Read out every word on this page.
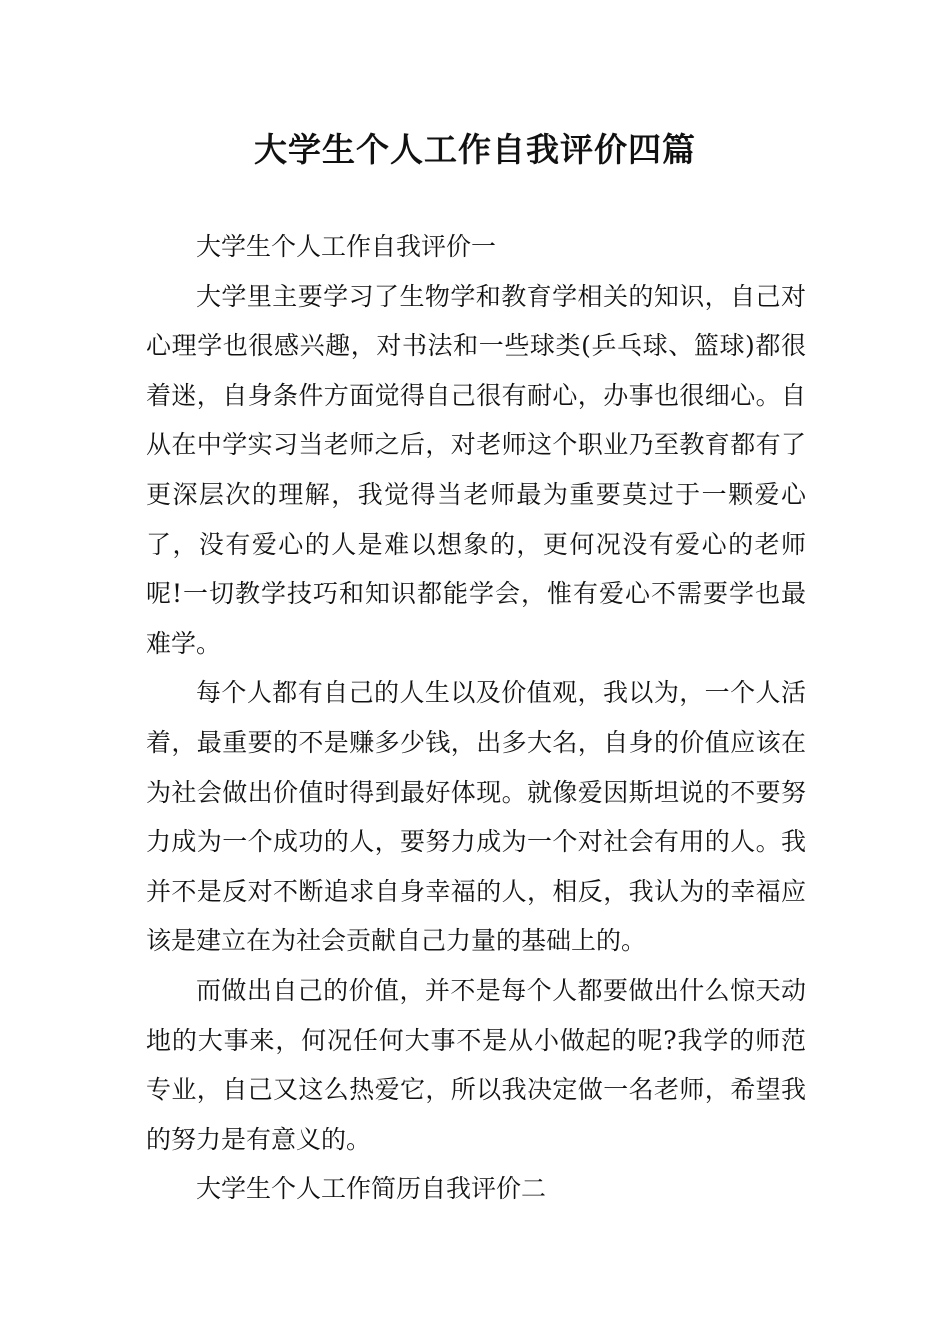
大学生个人工作自我评价四篇

大学生个人工作自我评价一

大学里主要学习了生物学和教育学相关的知识，自己对心理学也很感兴趣，对书法和一些球类(乒乓球、篮球)都很着迷，自身条件方面觉得自己很有耐心，办事也很细心。自从在中学实习当老师之后，对老师这个职业乃至教育都有了更深层次的理解，我觉得当老师最为重要莫过于一颗爱心了，没有爱心的人是难以想象的，更何况没有爱心的老师呢!一切教学技巧和知识都能学会，惟有爱心不需要学也最难学。

每个人都有自己的人生以及价值观，我以为，一个人活着，最重要的不是赚多少钱，出多大名，自身的价值应该在为社会做出价值时得到最好体现。就像爱因斯坦说的不要努力成为一个成功的人，要努力成为一个对社会有用的人。我并不是反对不断追求自身幸福的人，相反，我认为的幸福应该是建立在为社会贡献自己力量的基础上的。

而做出自己的价值，并不是每个人都要做出什么惊天动地的大事来，何况任何大事不是从小做起的呢?我学的师范专业，自己又这么热爱它，所以我决定做一名老师，希望我的努力是有意义的。

大学生个人工作简历自我评价二
